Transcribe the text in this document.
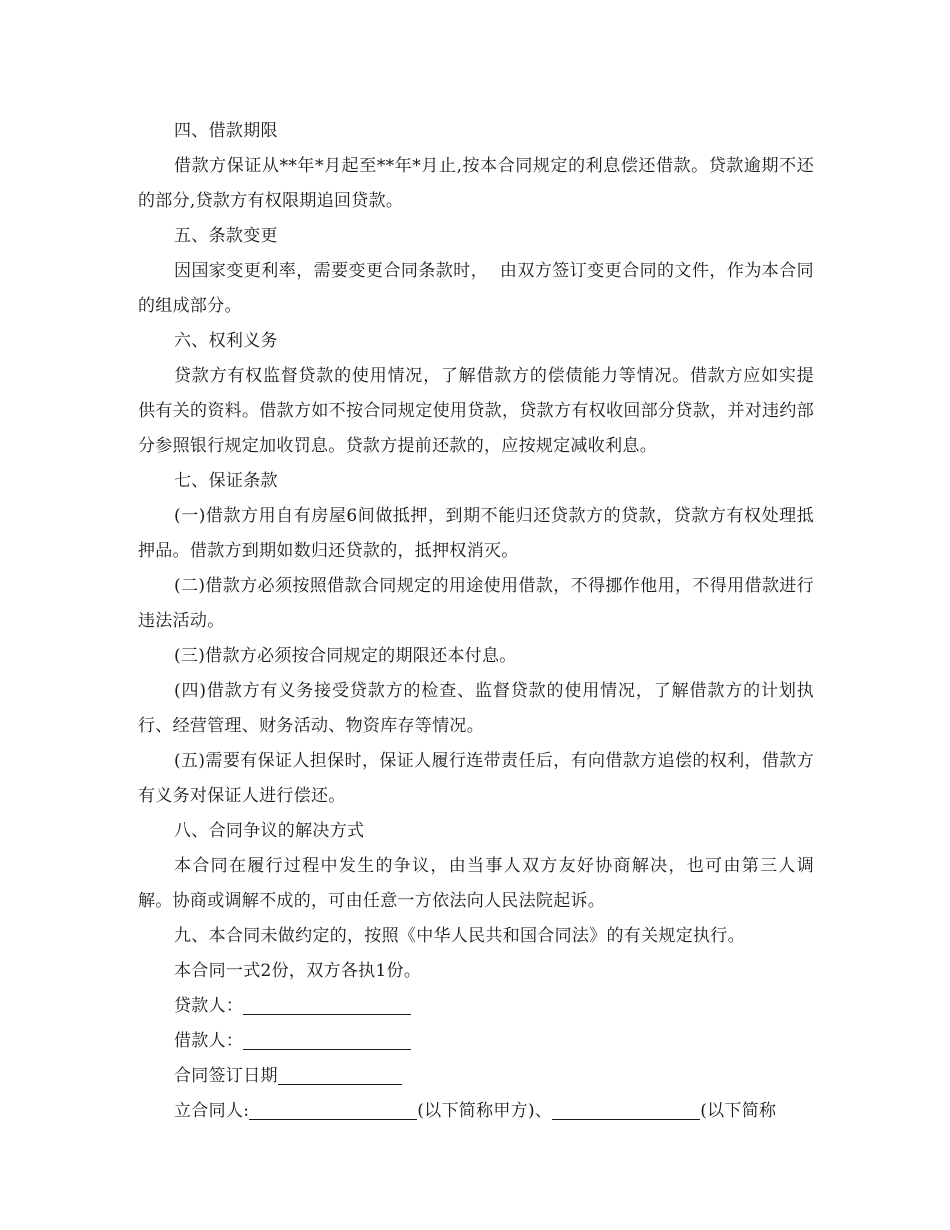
四、借款期限

借款方保证从**年*月起至**年*月止,按本合同规定的利息偿还借款。贷款逾期不还的部分,贷款方有权限期追回贷款。

五、条款变更

因国家变更利率，需要变更合同条款时，  由双方签订变更合同的文件，作为本合同的组成部分。

六、权利义务

贷款方有权监督贷款的使用情况，了解借款方的偿债能力等情况。借款方应如实提供有关的资料。借款方如不按合同规定使用贷款，贷款方有权收回部分贷款，并对违约部分参照银行规定加收罚息。贷款方提前还款的，应按规定减收利息。

七、保证条款

(一)借款方用自有房屋6间做抵押，到期不能归还贷款方的贷款，贷款方有权处理抵押品。借款方到期如数归还贷款的，抵押权消灭。

(二)借款方必须按照借款合同规定的用途使用借款，不得挪作他用，不得用借款进行违法活动。

(三)借款方必须按合同规定的期限还本付息。

(四)借款方有义务接受贷款方的检查、监督贷款的使用情况，了解借款方的计划执行、经营管理、财务活动、物资库存等情况。

(五)需要有保证人担保时，保证人履行连带责任后，有向借款方追偿的权利，借款方有义务对保证人进行偿还。

八、合同争议的解决方式

本合同在履行过程中发生的争议，由当事人双方友好协商解决，也可由第三人调解。协商或调解不成的，可由任意一方依法向人民法院起诉。

九、本合同未做约定的，按照《中华人民共和国合同法》的有关规定执行。

本合同一式2份，双方各执1份。

贷款人：

借款人：

合同签订日期

立合同人:	(以下简称甲方)、	(以下简称
